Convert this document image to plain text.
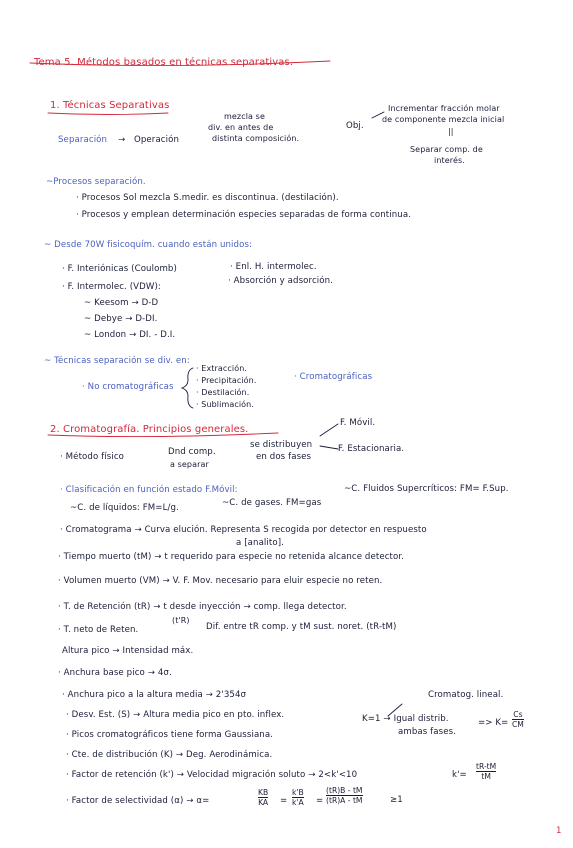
Tema 5. Métodos basados en técnicas separativas.
1. Técnicas Separativas
Separación → Operación
mezcla se
div. en antes de
distinta composición.
Obj.
Incrementar fracción molar
de componente mezcla inicial
||
Separar comp. de
interés.
~Procesos separación.
· Procesos Sol mezcla S.medir. es discontinua. (destilación).
· Procesos y emplean determinación especies separadas de forma continua.
~ Desde 70W fisicoquím. cuando están unidos:
· F. Interiónicas (Coulomb)
· F. Intermolec. (VDW):
~ Keesom → D-D
~ Debye → D-DI.
~ London → DI. - D.I.
· Enl. H. intermolec.
· Absorción y adsorción.
~ Técnicas separación se div. en:
· No cromatográficas
· Extracción.
· Precipitación.
· Destilación.
· Sublimación.
· Cromatográficas
2. Cromatografía. Principios generales.
· Método físico	Dnd comp.
a separar
se distribuyen
en dos fases
F. Móvil.
F. Estacionaria.
· Clasificación en función estado F.Móvil:
~C. de líquidos: FM=L/g.	~C. de gases. FM=gas
~C. Fluidos Supercríticos: FM= F.Sup.
· Cromatograma → Curva elución. Representa S recogida por detector en respuesto
a [analito].
· Tiempo muerto (tM) → t requerido para especie no retenida alcance detector.
· Volumen muerto (VM) → V. F. Mov. necesario para eluir especie no reten.
· T. de Retención (tR) → t desde inyección → comp. llega detector.
· T. neto de Reten.
(t'R)
Dif. entre tR comp. y tM sust. noret. (tR-tM)
Altura pico → Intensidad máx.
· Anchura base pico → 4σ.
· Anchura pico a la altura media → 2'354σ
· Desv. Est. (S) → Altura media pico en pto. inflex.
· Picos cromatográficos tiene forma Gaussiana.
· Cte. de distribución (K) → Deg. Aerodinámica.
Cromatog. lineal.
K=1 → Igual distrib.
ambas fases.
=> K=
Cs
CM
· Factor de retención (k') → Velocidad migración soluto → 2<k'<10	k'=
tR-tM
tM
· Factor de selectividad (α) → α=
KB
KA =
k'B
k'A =
(tR)B - tM
(tR)A - tM	≥1
1
